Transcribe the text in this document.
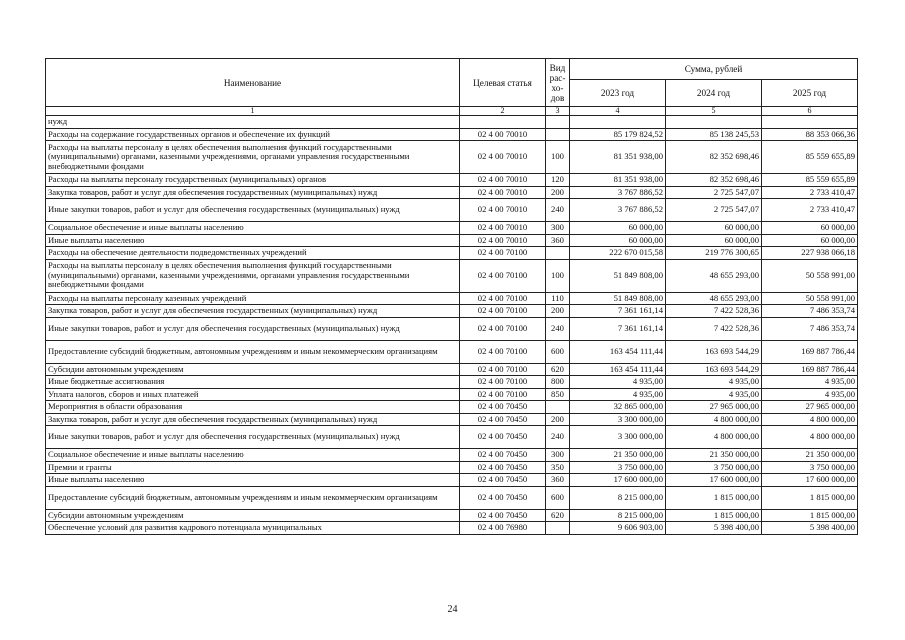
Наименование	Целевая статья	Вид рас-хо-дов	Сумма, рублей		
			2023 год	2024 год	2025 год
1	2	3	4	5	6
нужд					
Расходы на содержание государственных органов и обеспечение их функций	02 4 00 70010		85 179 824,52	85 138 245,53	88 353 066,36
Расходы на выплаты персоналу в целях обеспечения выполнения функций государственными (муниципальными) органами, казенными учреждениями, органами управления государственными внебюджетными фондами	02 4 00 70010	100	81 351 938,00	82 352 698,46	85 559 655,89
Расходы на выплаты персоналу государственных (муниципальных) органов	02 4 00 70010	120	81 351 938,00	82 352 698,46	85 559 655,89
Закупка товаров, работ и услуг для обеспечения государственных (муниципальных) нужд	02 4 00 70010	200	3 767 886,52	2 725 547,07	2 733 410,47
Иные закупки товаров, работ и услуг для обеспечения государственных (муниципальных) нужд	02 4 00 70010	240	3 767 886,52	2 725 547,07	2 733 410,47
Социальное обеспечение и иные выплаты населению	02 4 00 70010	300	60 000,00	60 000,00	60 000,00
Иные выплаты населению	02 4 00 70010	360	60 000,00	60 000,00	60 000,00
Расходы на обеспечение деятельности подведомственных учреждений	02 4 00 70100		222 670 015,58	219 776 300,65	227 938 066,18
Расходы на выплаты персоналу в целях обеспечения выполнения функций государственными (муниципальными) органами, казенными учреждениями, органами управления государственными внебюджетными фондами	02 4 00 70100	100	51 849 808,00	48 655 293,00	50 558 991,00
Расходы на выплаты персоналу казенных учреждений	02 4 00 70100	110	51 849 808,00	48 655 293,00	50 558 991,00
Закупка товаров, работ и услуг для обеспечения государственных (муниципальных) нужд	02 4 00 70100	200	7 361 161,14	7 422 528,36	7 486 353,74
Иные закупки товаров, работ и услуг для обеспечения государственных (муниципальных) нужд	02 4 00 70100	240	7 361 161,14	7 422 528,36	7 486 353,74
Предоставление субсидий бюджетным, автономным учреждениям и иным некоммерческим организациям	02 4 00 70100	600	163 454 111,44	163 693 544,29	169 887 786,44
Субсидии автономным учреждениям	02 4 00 70100	620	163 454 111,44	163 693 544,29	169 887 786,44
Иные бюджетные ассигнования	02 4 00 70100	800	4 935,00	4 935,00	4 935,00
Уплата налогов, сборов и иных платежей	02 4 00 70100	850	4 935,00	4 935,00	4 935,00
Мероприятия в области образования	02 4 00 70450		32 865 000,00	27 965 000,00	27 965 000,00
Закупка товаров, работ и услуг для обеспечения государственных (муниципальных) нужд	02 4 00 70450	200	3 300 000,00	4 800 000,00	4 800 000,00
Иные закупки товаров, работ и услуг для обеспечения государственных (муниципальных) нужд	02 4 00 70450	240	3 300 000,00	4 800 000,00	4 800 000,00
Социальное обеспечение и иные выплаты населению	02 4 00 70450	300	21 350 000,00	21 350 000,00	21 350 000,00
Премии и гранты	02 4 00 70450	350	3 750 000,00	3 750 000,00	3 750 000,00
Иные выплаты населению	02 4 00 70450	360	17 600 000,00	17 600 000,00	17 600 000,00
Предоставление субсидий бюджетным, автономным учреждениям и иным некоммерческим организациям	02 4 00 70450	600	8 215 000,00	1 815 000,00	1 815 000,00
Субсидии автономным учреждениям	02 4 00 70450	620	8 215 000,00	1 815 000,00	1 815 000,00
Обеспечение условий для развития кадрового потенциала муниципальных	02 4 00 76980		9 606 903,00	5 398 400,00	5 398 400,00
24
